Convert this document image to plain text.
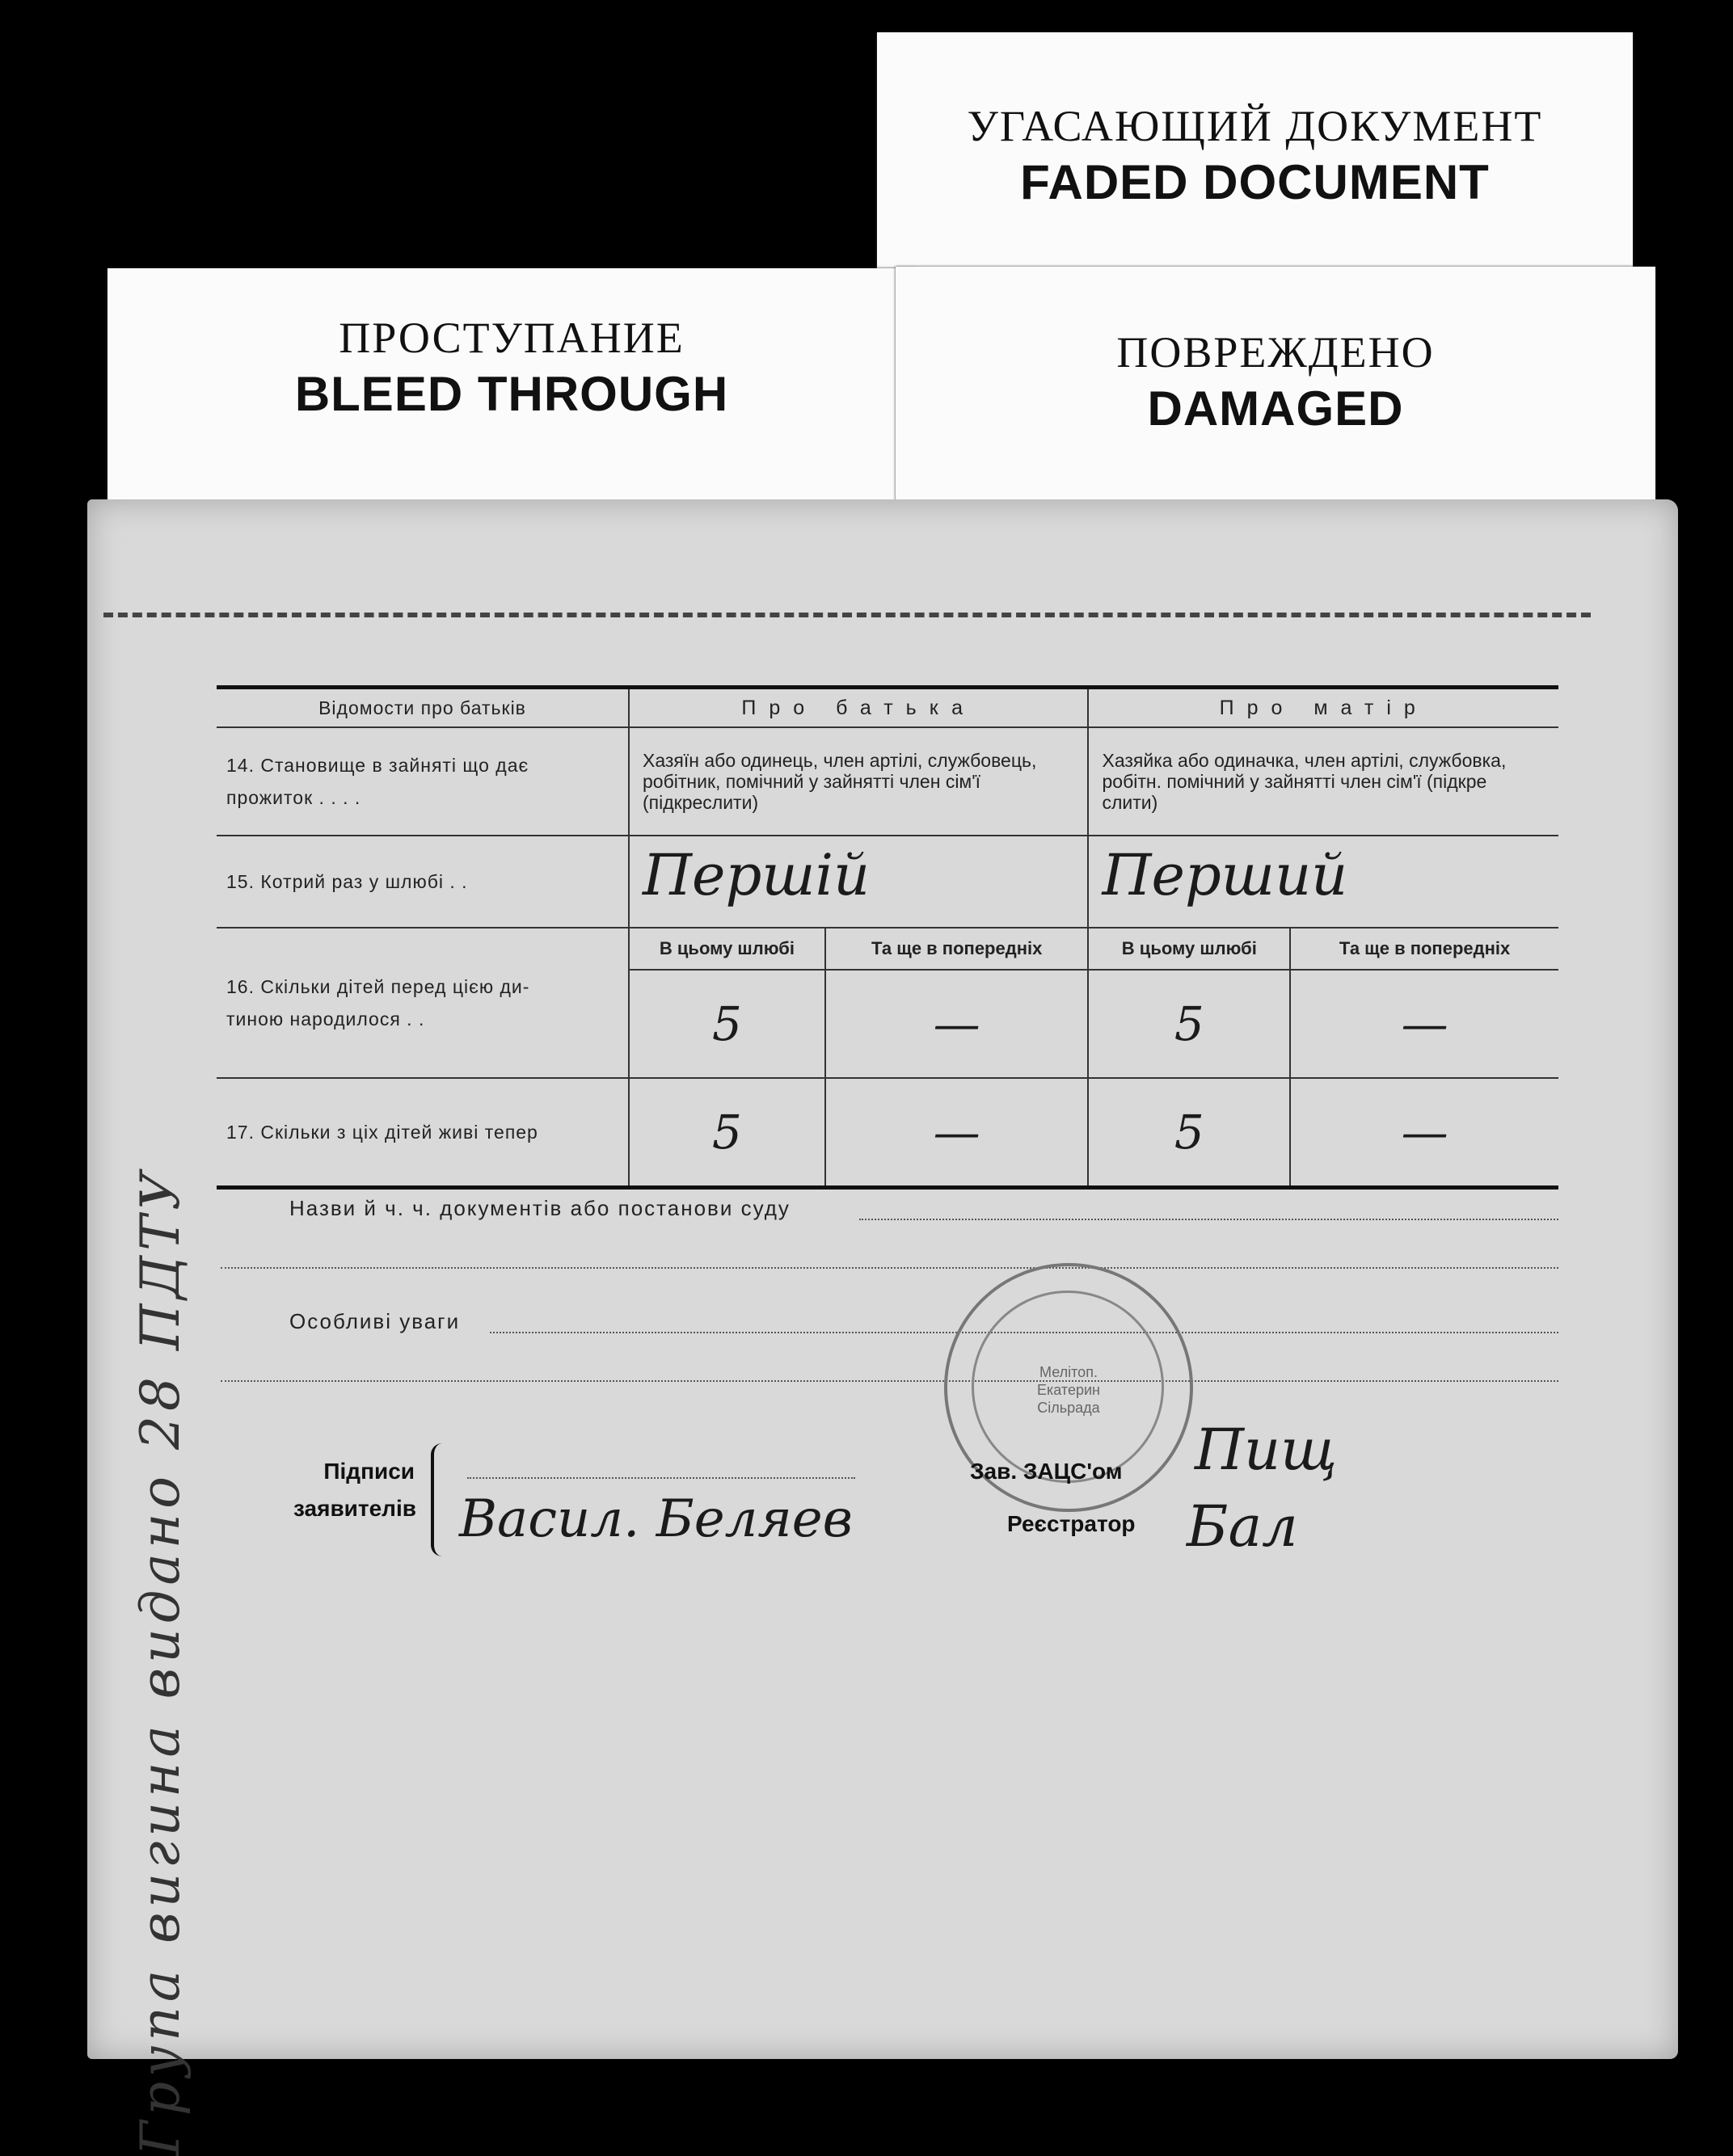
УГАСАЮЩИЙ ДОКУМЕНТ
FADED DOCUMENT
ПРОСТУПАНИЕ
BLEED THROUGH
ПОВРЕЖДЕНО
DAMAGED
Група вигина видано 28 ПДТУ
Відомости про батьків	Про батька		Про матір	

14. Становище в зайняті що дає
прожиток . . . .	Хазяїн або одинець, член артілі, службовець, робітник, помічний у зайнятті член сім'ї (підкреслити)		Хазяйка або одиначка, член артілі, службовка, робітн. помічний у зайнятті член сім'ї (підкре слити)	
15. Котрий раз у шлюбі . .	Першій		Перший	

16. Скільки дітей перед цією ди-
тиною народилося . .	В цьому шлюбі	Та ще в попередніх	В цьому шлюбі	Та ще в попередніх
	5	—	5	—
17. Скільки з ціх дітей живі тепер	5	—	5	—
Назви й ч. ч. документів або постанови суду
Особливі уваги
Мелітоп.
Екатерин
Сільрада
Підписи
заявителів Васил. Беляев
Зав. ЗАЦС'ом
Реєстратор
Пищ
Бал
